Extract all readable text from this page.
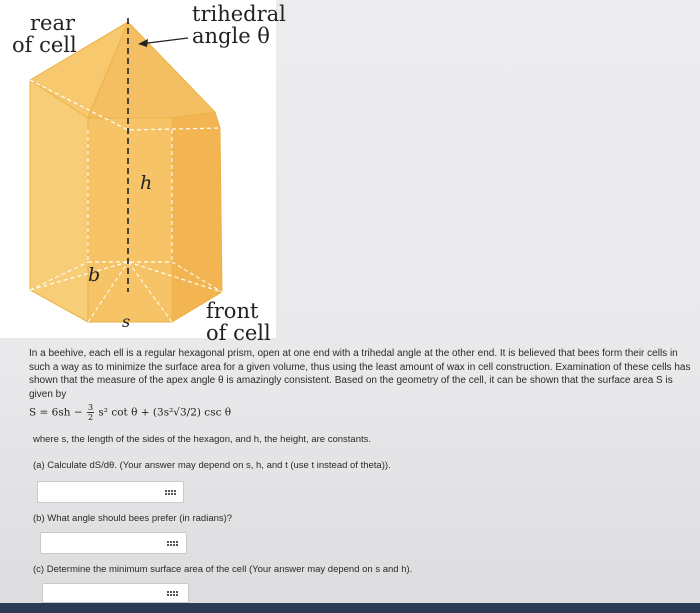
rear
of cell
trihedral
angle θ
front
of cell
h
b
s
In a beehive, each ell is a regular hexagonal prism, open at one end with a trihedal angle at the other end. It is believed that bees form their cells in such a way as to minimize the surface area for a given volume, thus using the least amount of wax in cell construction. Examination of these cells has shown that the measure of the apex angle θ is amazingly consistent. Based on the geometry of the cell, it can be shown that the surface area S is given by
$S = 6sh - \frac{3}{2} s^2$ cot θ + (3s²√3/2) csc θ
where s, the length of the sides of the hexagon, and h, the height, are constants.
(a) Calculate dS/dθ. (Your answer may depend on s, h, and t (use t instead of theta)).
(b) What angle should bees prefer (in radians)?
(c) Determine the minimum surface area of the cell (Your answer may depend on s and h).
